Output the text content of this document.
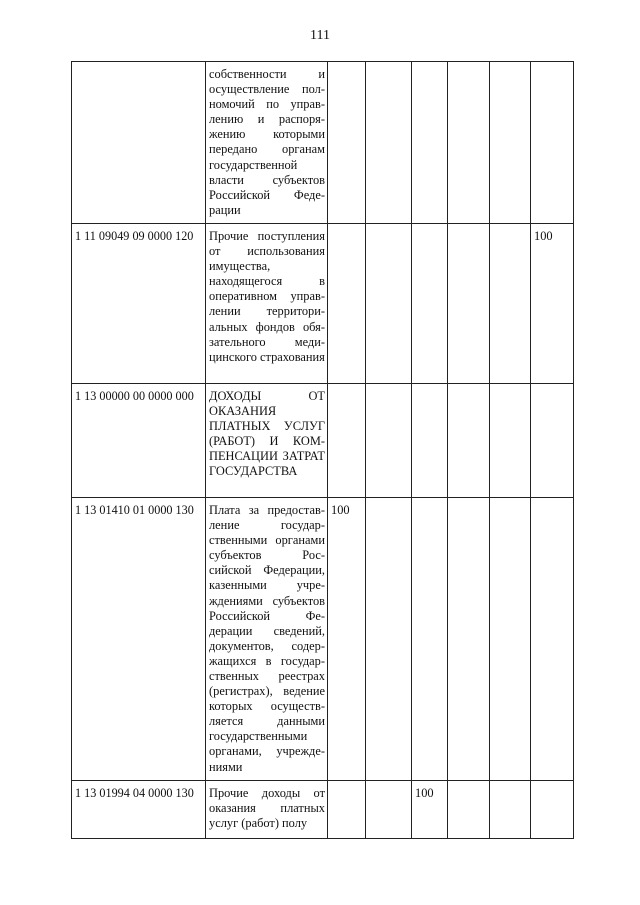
111
	собственности и осуществление полномочий по управлению и распоряжению которыми передано органам государственной власти субъектов Российской Федерации						
1 11 09049 09 0000 120	Прочие поступления от использования имущества, находящегося в оперативном управлении территориальных фондов обязательного медицинского страхования						100
1 13 00000 00 0000 000	ДОХОДЫ ОТ ОКАЗАНИЯ ПЛАТНЫХ УСЛУГ (РАБОТ) И КОМПЕНСАЦИИ ЗАТРАТ ГОСУДАРСТВА						
1 13 01410 01 0000 130	Плата за предоставление государственными органами субъектов Российской Федерации, казенными учреждениями субъектов Российской Федерации сведений, документов, содержащихся в государственных реестрах (регистрах), ведение которых осуществляется данными государственными органами, учреждениями	100					
1 13 01994 04 0000 130	Прочие доходы от оказания платных услуг (работ) полу			100			
